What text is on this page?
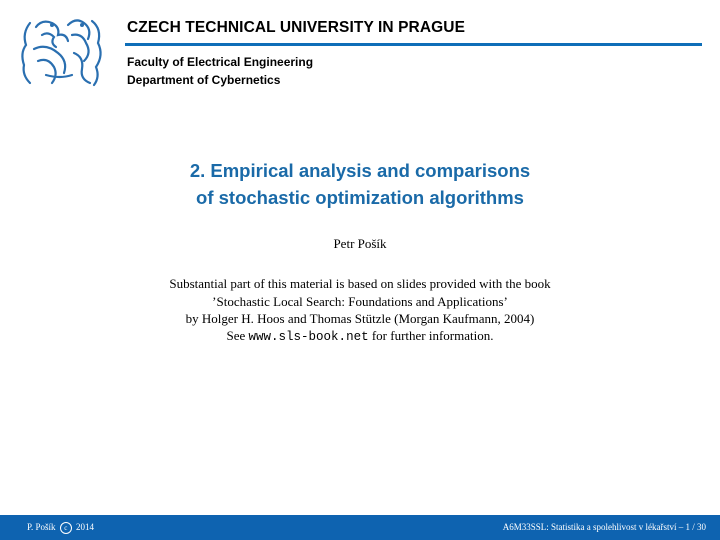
CZECH TECHNICAL UNIVERSITY IN PRAGUE
Faculty of Electrical Engineering
Department of Cybernetics
2. Empirical analysis and comparisons
of stochastic optimization algorithms
Petr Pošík
Substantial part of this material is based on slides provided with the book
’Stochastic Local Search: Foundations and Applications’
by Holger H. Hoos and Thomas Stützle (Morgan Kaufmann, 2004)
See www.sls-book.net for further information.
P. Pošík c 2014	A6M33SSL: Statistika a spolehlivost v lékařství – 1 / 30
